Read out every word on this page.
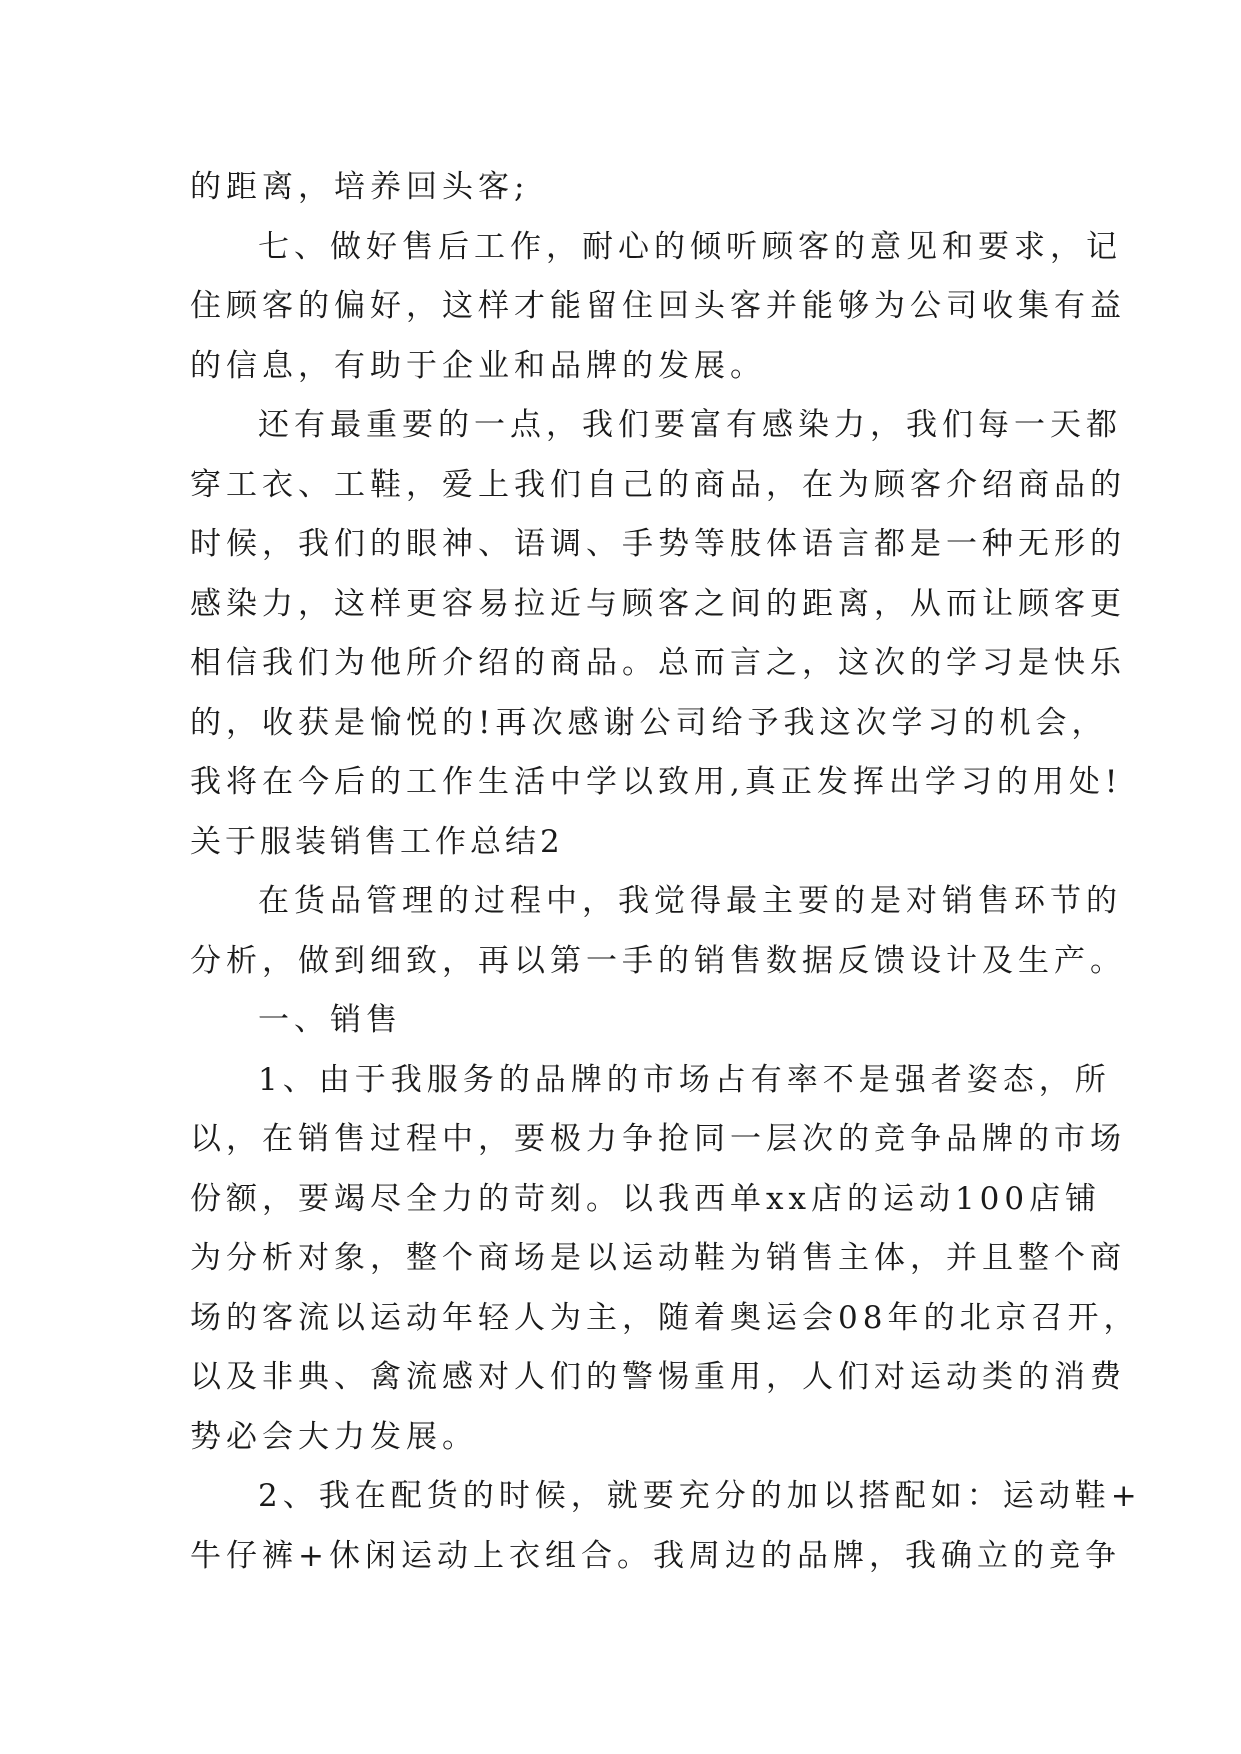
的距离，培养回头客;

七、做好售后工作，耐心的倾听顾客的意见和要求，记
住顾客的偏好，这样才能留住回头客并能够为公司收集有益
的信息，有助于企业和品牌的发展。

还有最重要的一点，我们要富有感染力，我们每一天都
穿工衣、工鞋，爱上我们自己的商品，在为顾客介绍商品的
时候，我们的眼神、语调、手势等肢体语言都是一种无形的
感染力，这样更容易拉近与顾客之间的距离，从而让顾客更
相信我们为他所介绍的商品。总而言之，这次的学习是快乐
的，收获是愉悦的!再次感谢公司给予我这次学习的机会，
我将在今后的工作生活中学以致用,真正发挥出学习的用处!

关于服装销售工作总结2

在货品管理的过程中，我觉得最主要的是对销售环节的
分析，做到细致，再以第一手的销售数据反馈设计及生产。

一、销售

1、由于我服务的品牌的市场占有率不是强者姿态，所
以，在销售过程中，要极力争抢同一层次的竞争品牌的市场
份额，要竭尽全力的苛刻。以我西单xx店的运动100店铺
为分析对象，整个商场是以运动鞋为销售主体，并且整个商
场的客流以运动年轻人为主，随着奥运会08年的北京召开，
以及非典、禽流感对人们的警惕重用，人们对运动类的消费
势必会大力发展。

2、我在配货的时候，就要充分的加以搭配如：运动鞋+
牛仔裤+休闲运动上衣组合。我周边的品牌，我确立的竞争
